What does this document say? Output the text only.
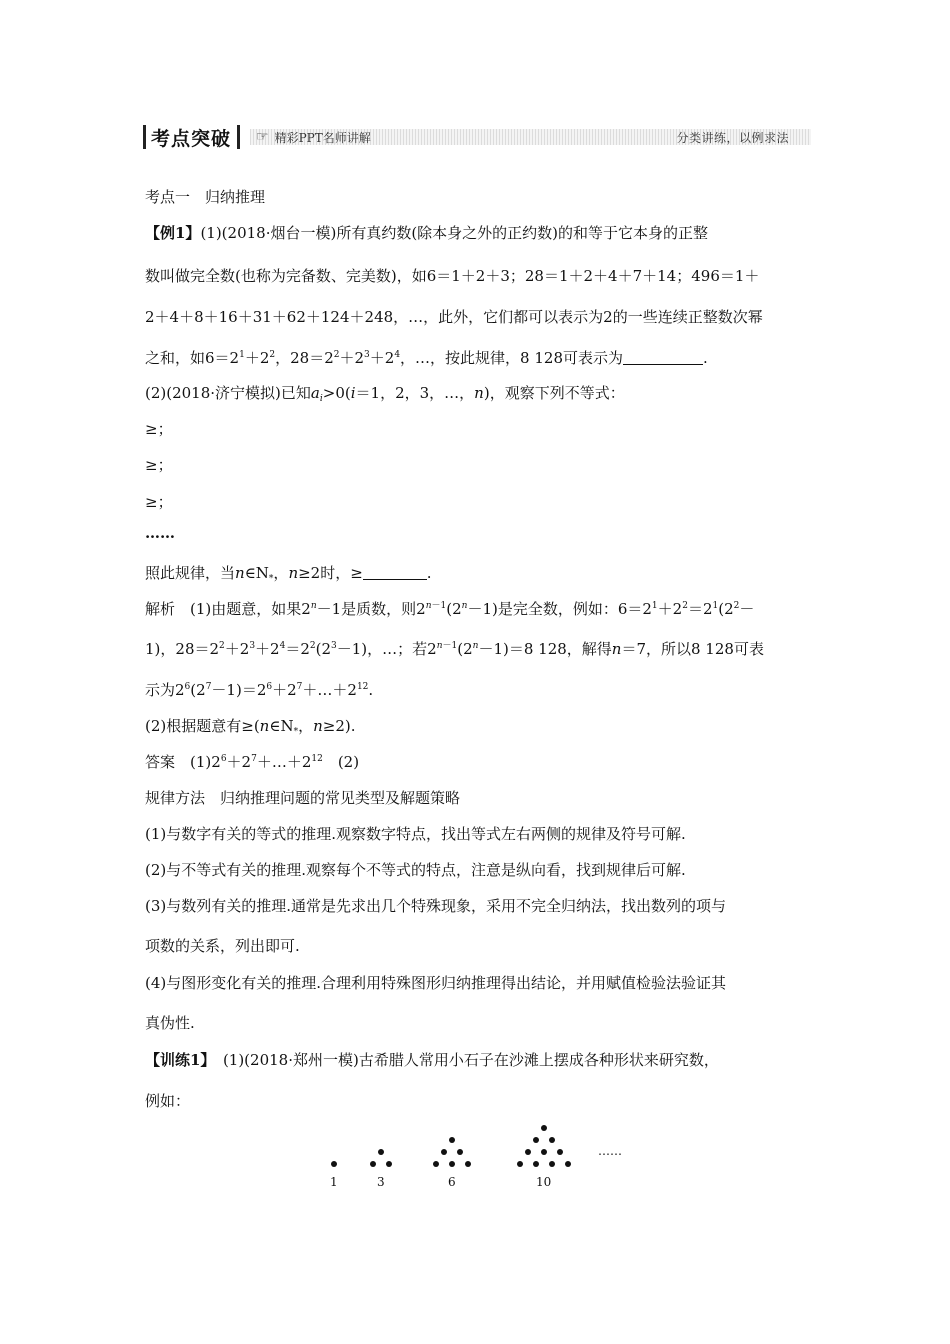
考点突破 ☞ 精彩PPT名师讲解	分类讲练，以例求法
考点一　归纳推理
【例1】(1)(2018·烟台一模)所有真约数(除本身之外的正约数)的和等于它本身的正整
数叫做完全数(也称为完备数、完美数)，如6＝1＋2＋3；28＝1＋2＋4＋7＋14；496＝1＋
2＋4＋8＋16＋31＋62＋124＋248，…，此外，它们都可以表示为2的一些连续正整数次幂
之和，如$6=2^1+2^2$，$28=2^2+2^3+2^4$，…，按此规律，8 128可表示为	.
(2)(2018·济宁模拟)已知$a_i>0(i=1$，2，3，…，n)，观察下列不等式：
≥；
≥；
≥；
……
照此规律，当$n\in N_*$，n≥2时，≥	.
解析　(1)由题意，如果$2^n-1$是质数，则$2^{n-1}(2^n-1)$是完全数，例如：$6=2^1+2^2=2^1(2^2-$
1)，$28=2^2+2^3+2^4=2^2(2^3-1)$，…；若$2^{n-1}(2^n-1)=8$ 128，解得n＝7，所以8 128可表
示为$2^6(2^7-1)=2^6+2^7+\dots+2^{12}$.
(2)根据题意有$\ge(n\in N_*$，n≥2).
答案　$(1)2^6+2^7+\dots+2^{12}$　(2)
规律方法　归纳推理问题的常见类型及解题策略
(1)与数字有关的等式的推理.观察数字特点，找出等式左右两侧的规律及符号可解.
(2)与不等式有关的推理.观察每个不等式的特点，注意是纵向看，找到规律后可解.
(3)与数列有关的推理.通常是先求出几个特殊现象，采用不完全归纳法，找出数列的项与
项数的关系，列出即可.
(4)与图形变化有关的推理.合理利用特殊图形归纳推理得出结论，并用赋值检验法验证其
真伪性.
【训练1】　(1)(2018·郑州一模)古希腊人常用小石子在沙滩上摆成各种形状来研究数，
例如：
1	3	6	10
……
